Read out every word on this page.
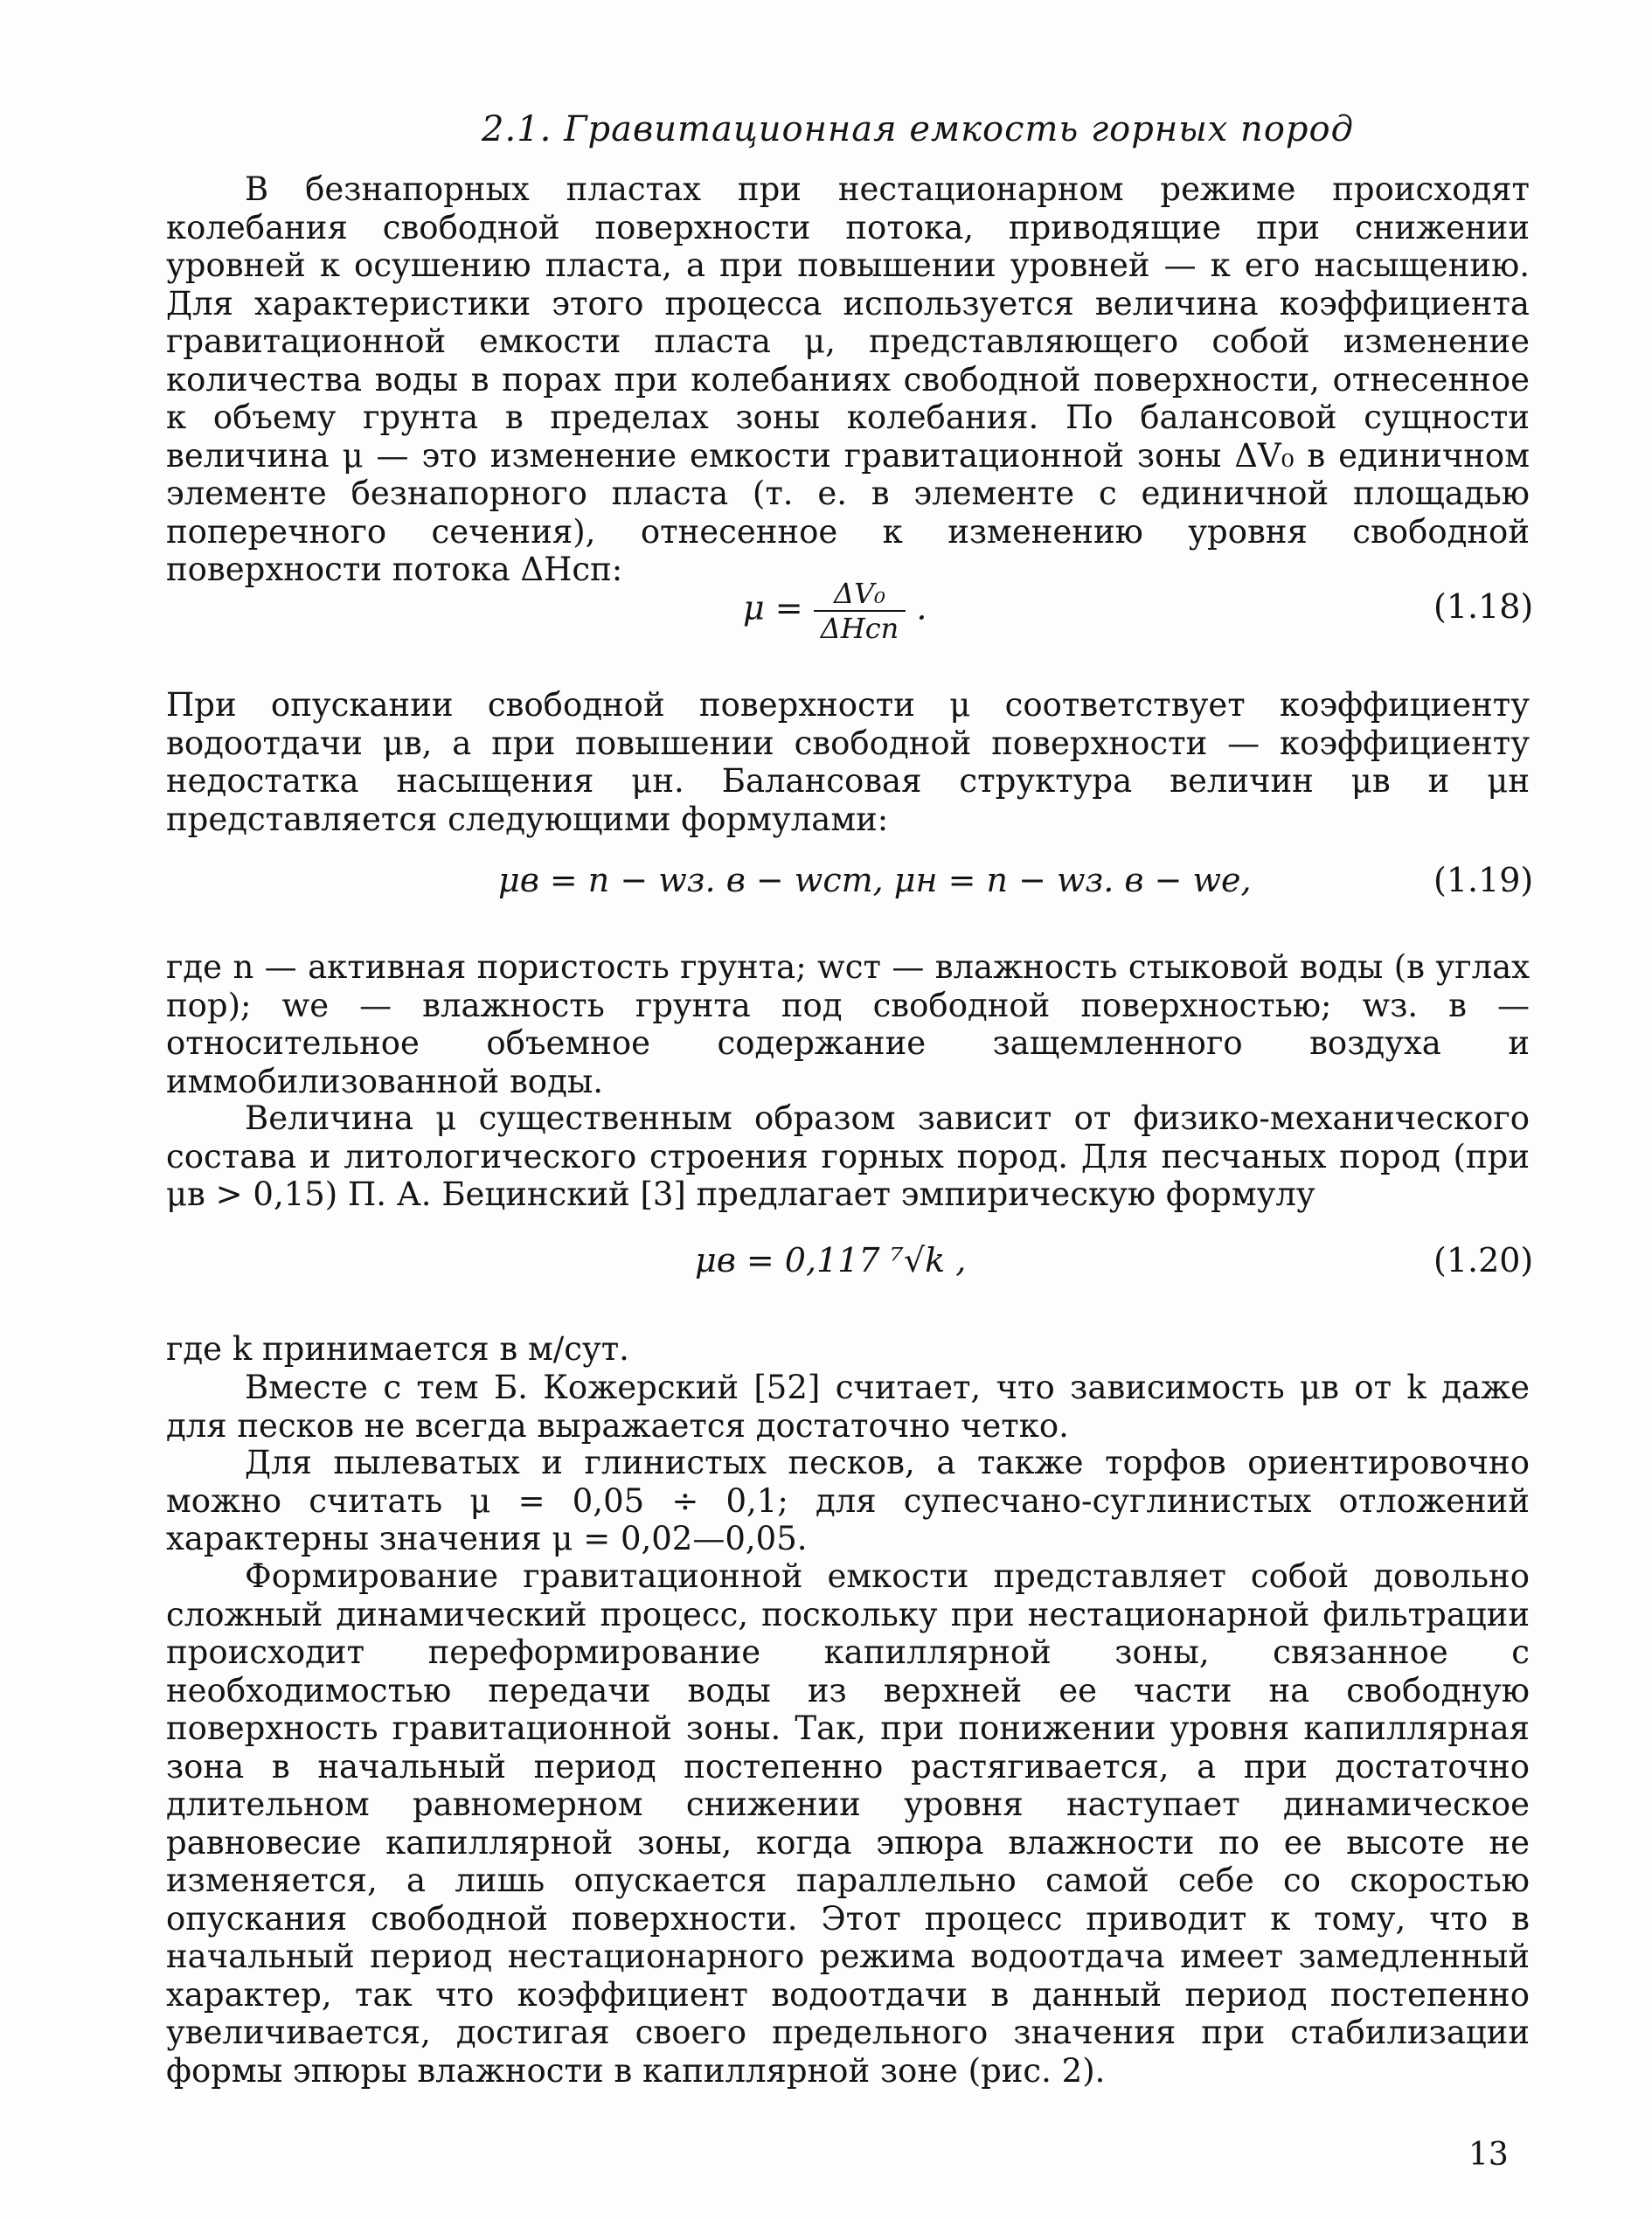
2.1. Гравитационная емкость горных пород
В безнапорных пластах при нестационарном режиме происходят колебания свободной поверхности потока, приводящие при снижении уровней к осушению пласта, а при повышении уровней — к его насыщению. Для характеристики этого процесса используется величина коэффициента гравитационной емкости пласта μ, представляющего собой изменение количества воды в порах при колебаниях свободной поверхности, отнесенное к объему грунта в пределах зоны колебания. По балансовой сущности величина μ — это изменение емкости гравитационной зоны ΔV₀ в единичном элементе безнапорного пласта (т. е. в элементе с единичной площадью поперечного сечения), отнесенное к изменению уровня свободной поверхности потока ΔHсп:
$\mu = \frac{\text{ΔV₀}}{\text{ΔHсп}}$ .	(1.18)
При опускании свободной поверхности μ соответствует коэффициенту водоотдачи μв, а при повышении свободной поверхности — коэффициенту недостатка насыщения μн. Балансовая структура величин μв и μн представляется следующими формулами:
μв = n − wз. в − wст, μн = n − wз. в − wе,	(1.19)
где n — активная пористость грунта; wст — влажность стыковой воды (в углах пор); wе — влажность грунта под свободной поверхностью; wз. в — относительное объемное содержание защемленного воздуха и иммобилизованной воды.
Величина μ существенным образом зависит от физико-механического состава и литологического строения горных пород. Для песчаных пород (при μв > 0,15) П. А. Бецинский [3] предлагает эмпирическую формулу
μв = 0,117 ⁷√k ,	(1.20)
где k принимается в м/сут.
Вместе с тем Б. Кожерский [52] считает, что зависимость μв от k даже для песков не всегда выражается достаточно четко.
Для пылеватых и глинистых песков, а также торфов ориентировочно можно считать μ = 0,05 ÷ 0,1; для супесчано-суглинистых отложений характерны значения μ = 0,02—0,05.
Формирование гравитационной емкости представляет собой довольно сложный динамический процесс, поскольку при нестационарной фильтрации происходит переформирование капиллярной зоны, связанное с необходимостью передачи воды из верхней ее части на свободную поверхность гравитационной зоны. Так, при понижении уровня капиллярная зона в начальный период постепенно растягивается, а при достаточно длительном равномерном снижении уровня наступает динамическое равновесие капиллярной зоны, когда эпюра влажности по ее высоте не изменяется, а лишь опускается параллельно самой себе со скоростью опускания свободной поверхности. Этот процесс приводит к тому, что в начальный период нестационарного режима водоотдача имеет замедленный характер, так что коэффициент водоотдачи в данный период постепенно увеличивается, достигая своего предельного значения при стабилизации формы эпюры влажности в капиллярной зоне (рис. 2).
13
